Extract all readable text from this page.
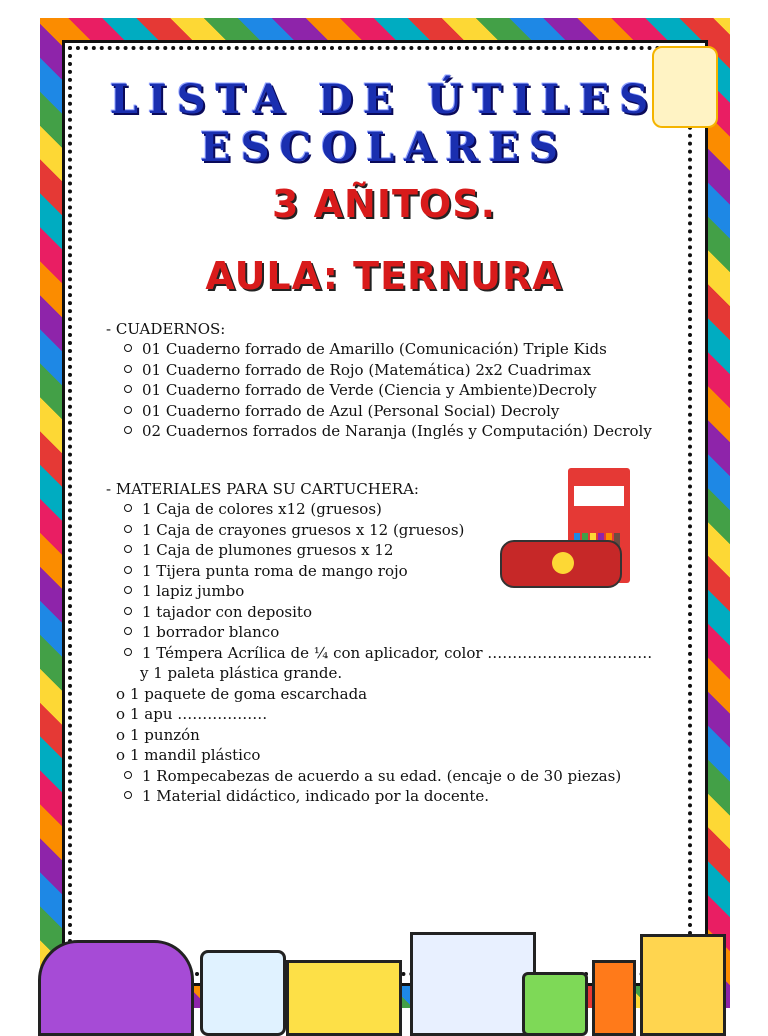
LISTA DE ÚTILES
ESCOLARES
3 AÑITOS.
AULA: TERNURA
- CUADERNOS:
01 Cuaderno forrado de Amarillo (Comunicación) Triple Kids
01 Cuaderno forrado de Rojo (Matemática) 2x2 Cuadrimax
01 Cuaderno forrado de Verde (Ciencia y Ambiente)Decroly
01 Cuaderno forrado de Azul (Personal Social) Decroly
02 Cuadernos forrados de Naranja (Inglés y Computación) Decroly
- MATERIALES PARA SU CARTUCHERA:
1 Caja de colores x12 (gruesos)
1 Caja de crayones gruesos x 12 (gruesos)
1 Caja de plumones gruesos x 12
1 Tijera punta roma de mango rojo
1 lapiz jumbo
1 tajador con deposito
1 borrador blanco
1 Témpera Acrílica de ¼ con aplicador, color ……………………………
y 1 paleta plástica grande.
o 1 paquete de goma escarchada
o 1 apu ………………
o 1 punzón
o 1 mandil plástico
1 Rompecabezas de acuerdo a su edad. (encaje o de 30 piezas)
1 Material didáctico, indicado por la docente.
